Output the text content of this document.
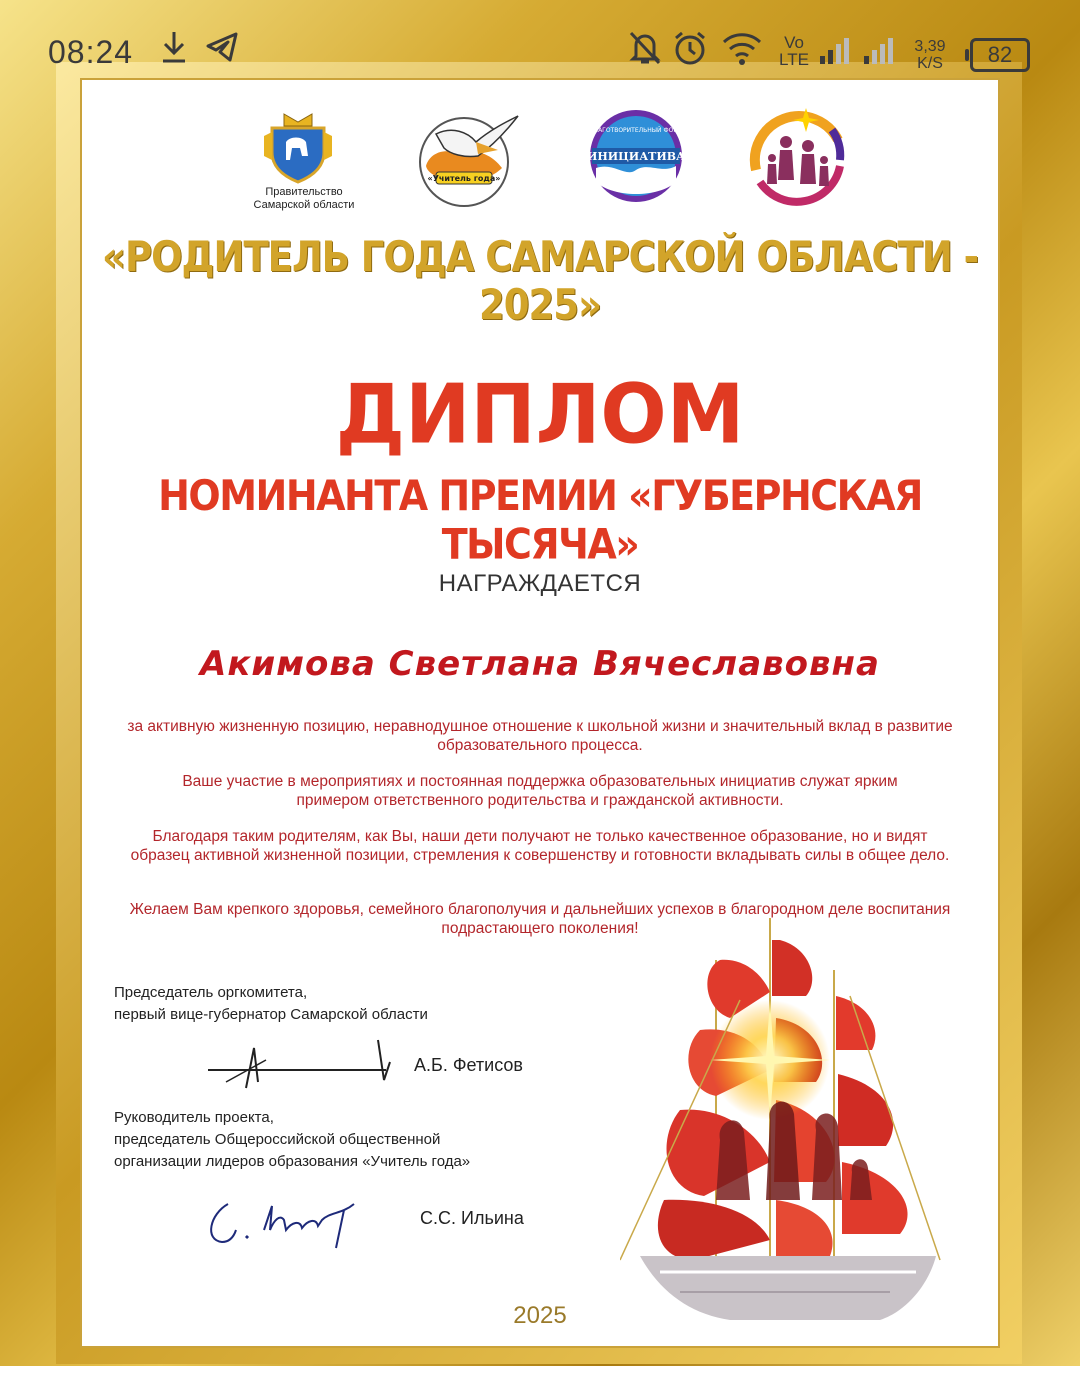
08:24	Vo
LTE
3,39
K/S	82
Правительство
Самарской области
«Учитель года»
ИНИЦИАТИВА
БЛАГОТВОРИТЕЛЬНЫЙ ФОНД
«РОДИТЕЛЬ ГОДА САМАРСКОЙ ОБЛАСТИ - 2025»
ДИПЛОМ
НОМИНАНТА ПРЕМИИ «ГУБЕРНСКАЯ ТЫСЯЧА»
НАГРАЖДАЕТСЯ
Акимова Светлана Вячеславовна
за активную жизненную позицию, неравнодушное отношение к школьной жизни и значительный вклад в развитие образовательного процесса.
Ваше участие в мероприятиях и постоянная поддержка образовательных инициатив служат ярким примером ответственного родительства и гражданской активности.
Благодаря таким родителям, как Вы, наши дети получают не только качественное образование, но и видят образец активной жизненной позиции, стремления к совершенству и готовности вкладывать силы в общее дело.
Желаем Вам крепкого здоровья, семейного благополучия и дальнейших успехов в благородном деле воспитания подрастающего поколения!
Председатель оргкомитета,
первый вице-губернатор Самарской области
А.Б. Фетисов
Руководитель проекта,
председатель Общероссийской общественной
организации лидеров образования «Учитель года»
С.С. Ильина
2025
